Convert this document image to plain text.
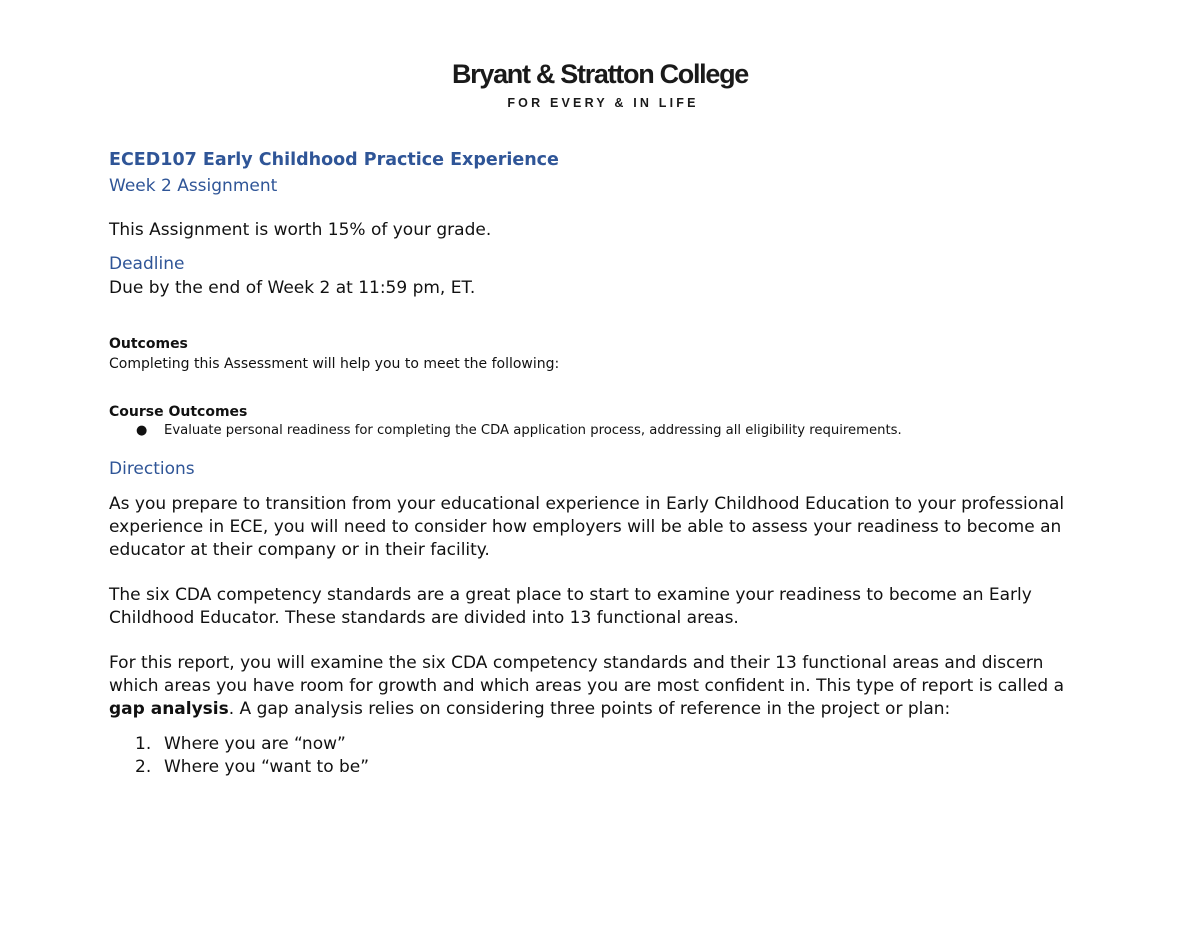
Bryant & Stratton College
FOR EVERY & IN LIFE

ECED107 Early Childhood Practice Experience

Week 2 Assignment

This Assignment is worth 15% of your grade.

Deadline

Due by the end of Week 2 at 11:59 pm, ET.

Outcomes

Completing this Assessment will help you to meet the following:

Course Outcomes

● Evaluate personal readiness for completing the CDA application process, addressing all eligibility requirements.

Directions

As you prepare to transition from your educational experience in Early Childhood Education to your professional experience in ECE, you will need to consider how employers will be able to assess your readiness to become an educator at their company or in their facility.

The six CDA competency standards are a great place to start to examine your readiness to become an Early Childhood Educator. These standards are divided into 13 functional areas.

For this report, you will examine the six CDA competency standards and their 13 functional areas and discern which areas you have room for growth and which areas you are most confident in. This type of report is called a gap analysis. A gap analysis relies on considering three points of reference in the project or plan:

1. Where you are “now”
2. Where you “want to be”
